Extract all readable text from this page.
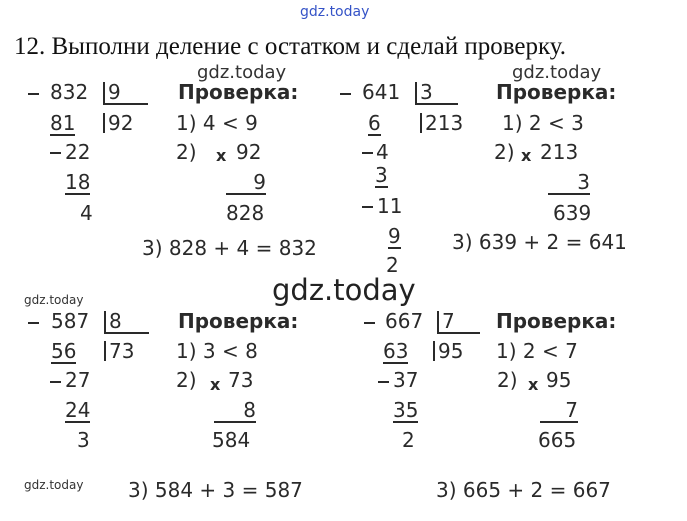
gdz.today
gdz.today	gdz.today
gdz.today
gdz.today
gdz.today
12. Выполни деление с остатком и сделай проверку.
832 9
81 92
22
18
4
Проверка:
1) 4 < 9
2) x 92
9
828
3) 828 + 4 = 832
641 3
6 213
4
3
11
9
2
Проверка:
1) 2 < 3
2) x 213
3
639
3) 639 + 2 = 641
587 8
56 73
27
24
3
Проверка:
1) 3 < 8
2) x 73
8
584
3) 584 + 3 = 587
667 7
63 95
37
35
2
Проверка:
1) 2 < 7
2) x 95
7
665
3) 665 + 2 = 667
